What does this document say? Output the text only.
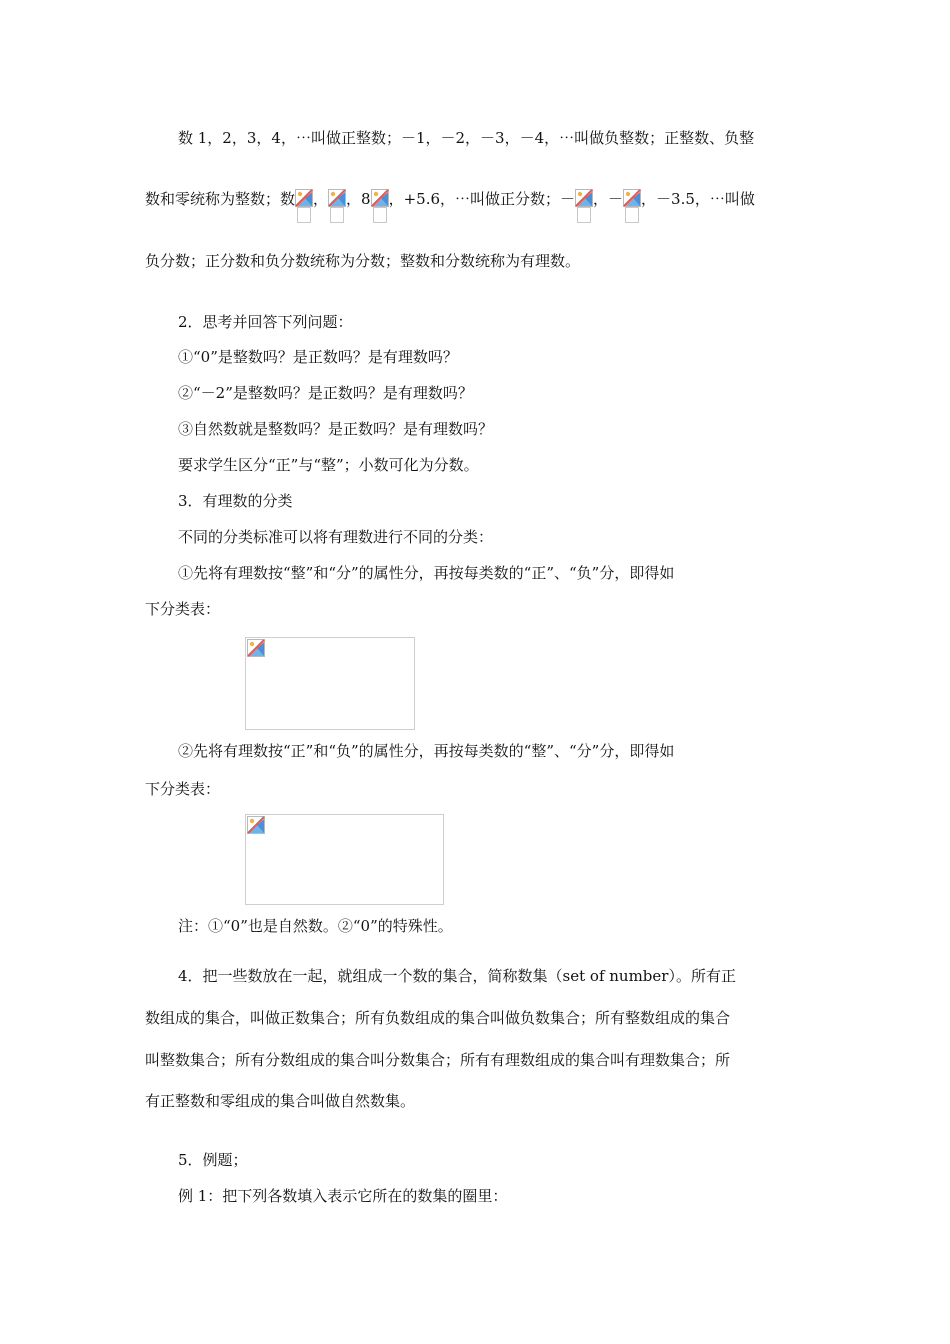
数 1，2，3，4，⋯叫做正整数；－1，－2，－3，－4，⋯叫做负整数；正整数、负整
数和零统称为整数；数 ， ，8 ，+5.6，⋯叫做正分数；－ ，－ ，－3.5，⋯叫做
负分数；正分数和负分数统称为分数；整数和分数统称为有理数。
2．思考并回答下列问题：
①“0”是整数吗？是正数吗？是有理数吗？
②“－2”是整数吗？是正数吗？是有理数吗？
③自然数就是整数吗？是正数吗？是有理数吗？
要求学生区分“正”与“整”；小数可化为分数。
3．有理数的分类
不同的分类标准可以将有理数进行不同的分类：
①先将有理数按“整”和“分”的属性分，再按每类数的“正”、“负”分，即得如
下分类表：
②先将有理数按“正”和“负”的属性分，再按每类数的“整”、“分”分，即得如
下分类表：
注：①“0”也是自然数。②“0”的特殊性。
4．把一些数放在一起，就组成一个数的集合，简称数集（set of number）。所有正
数组成的集合，叫做正数集合；所有负数组成的集合叫做负数集合；所有整数组成的集合
叫整数集合；所有分数组成的集合叫分数集合；所有有理数组成的集合叫有理数集合；所
有正整数和零组成的集合叫做自然数集。
5．例题；
例 1：把下列各数填入表示它所在的数集的圈里：
